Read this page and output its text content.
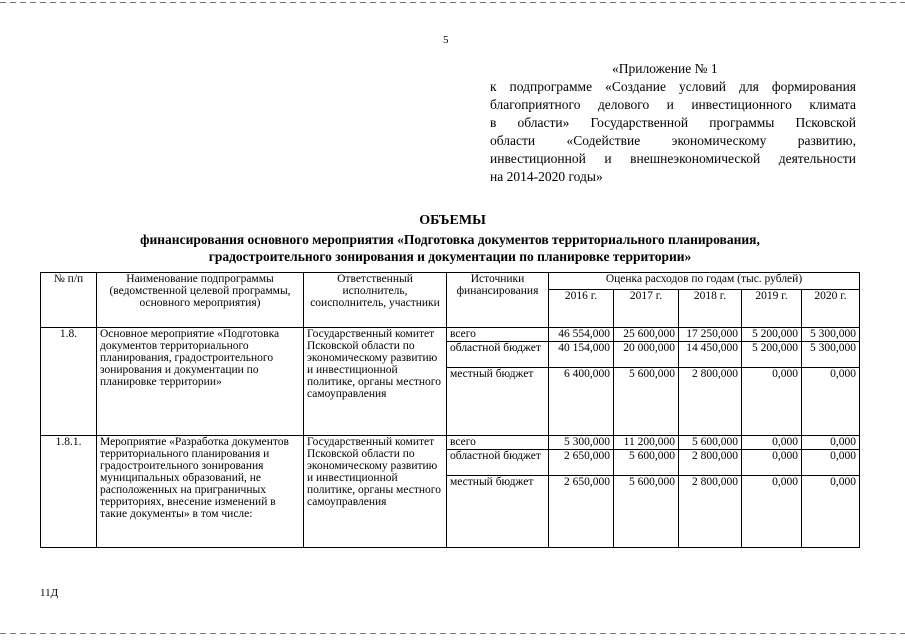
5
«Приложение № 1
к подпрограмме «Создание условий для формирования
благоприятного делового и инвестиционного климата
в области» Государственной программы Псковской
области «Содействие экономическому развитию,
инвестиционной и внешнеэкономической деятельности
на 2014-2020 годы»
ОБЪЕМЫ
финансирования основного мероприятия «Подготовка документов территориального планирования,
градостроительного зонирования и документации по планировке территории»
№ п/п	Наименование подпрограммы (ведомственной целевой программы, основного мероприятия)	Ответственный исполнитель, соисполнитель, участники	Источники финансирования	Оценка расходов по годам (тыс. рублей)				
				2016 г.	2017 г.	2018 г.	2019 г.	2020 г.
1.8.	Основное мероприятие «Подготовка документов территориального планирования, градостроительного зонирования и документации по планировке территории»	Государственный комитет Псковской области по экономическому развитию и инвестиционной политике, органы местного самоуправления	всего	46 554,000	25 600,000	17 250,000	5 200,000	5 300,000
			областной бюджет	40 154,000	20 000,000	14 450,000	5 200,000	5 300,000
			местный бюджет	6 400,000	5 600,000	2 800,000	0,000	0,000
1.8.1.	Мероприятие «Разработка документов территориального планирования и градостроительного зонирования муниципальных образований, не расположенных на приграничных территориях, внесение изменений в такие документы» в том числе:	Государственный комитет Псковской области по экономическому развитию и инвестиционной политике, органы местного самоуправления	всего	5 300,000	11 200,000	5 600,000	0,000	0,000
			областной бюджет	2 650,000	5 600,000	2 800,000	0,000	0,000
			местный бюджет	2 650,000	5 600,000	2 800,000	0,000	0,000
11Д
